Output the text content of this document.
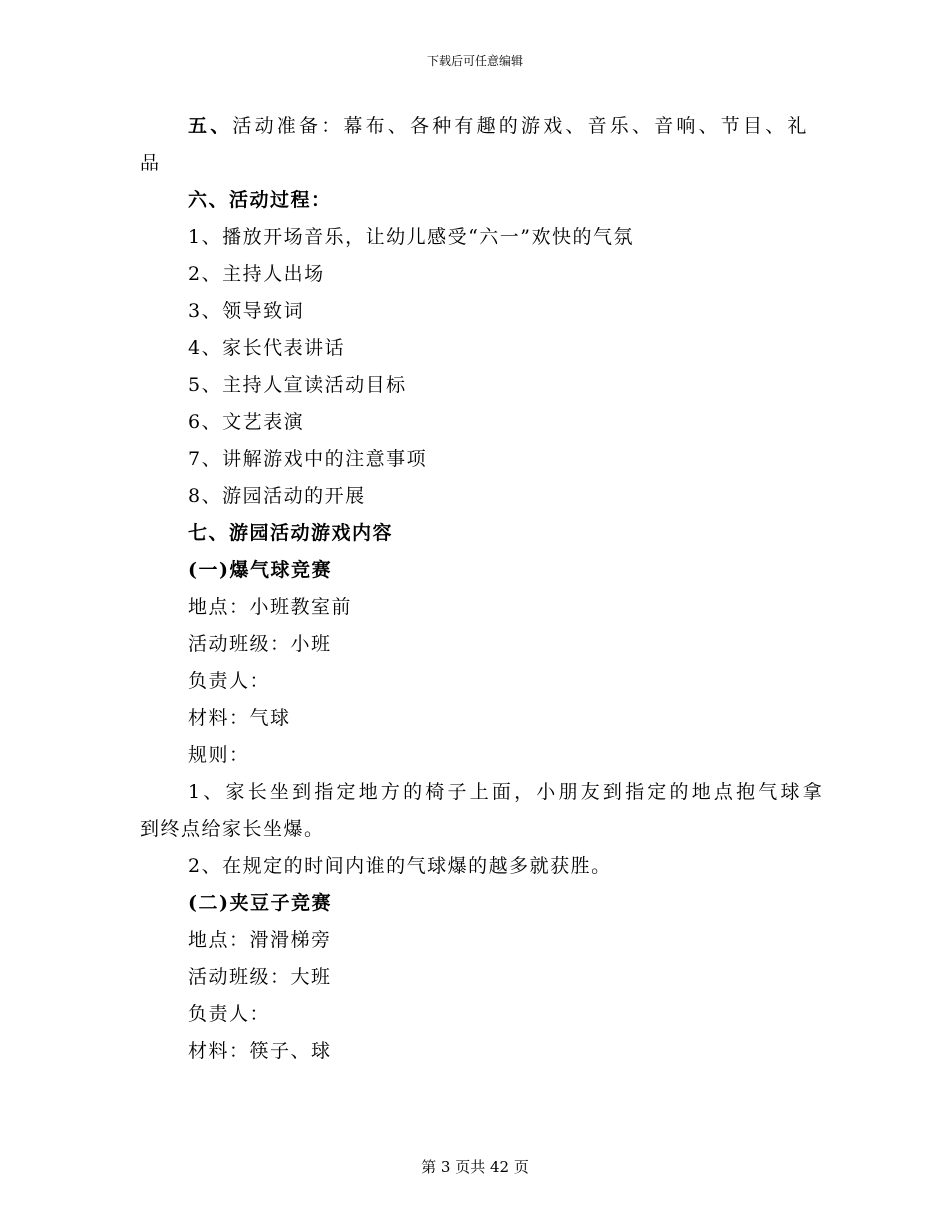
下载后可任意编辑
五、活动准备：幕布、各种有趣的游戏、音乐、音响、节目、礼
品
六、活动过程：
1、播放开场音乐，让幼儿感受“六一”欢快的气氛
2、主持人出场
3、领导致词
4、家长代表讲话
5、主持人宣读活动目标
6、文艺表演
7、讲解游戏中的注意事项
8、游园活动的开展
七、游园活动游戏内容
(一)爆气球竞赛
地点：小班教室前
活动班级：小班
负责人：
材料：气球
规则：
1、家长坐到指定地方的椅子上面，小朋友到指定的地点抱气球拿
到终点给家长坐爆。
2、在规定的时间内谁的气球爆的越多就获胜。
(二)夹豆子竞赛
地点：滑滑梯旁
活动班级：大班
负责人：
材料：筷子、球
第 3 页共 42 页
